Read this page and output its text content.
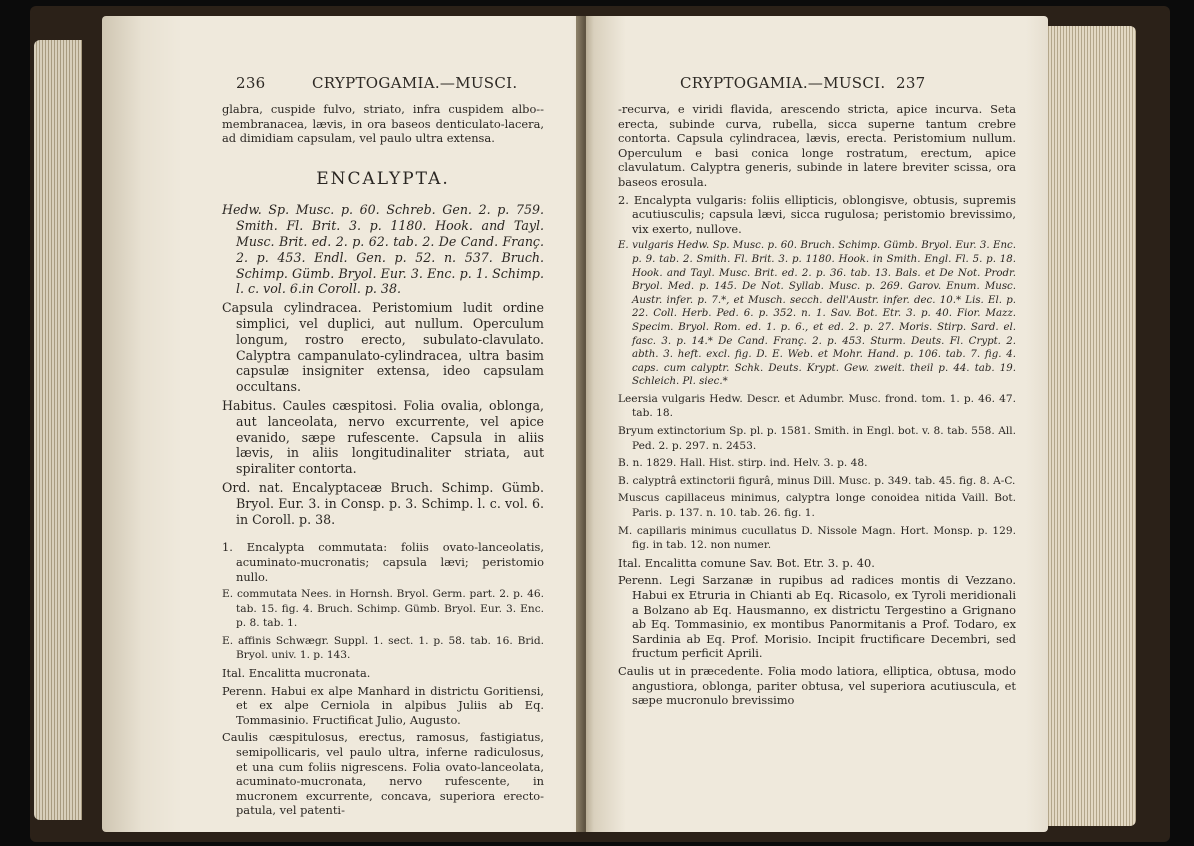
236	CRYPTOGAMIA.—MUSCI.	CRYPTOGAMIA.—MUSCI. 237

glabra, cuspide fulvo, striato, infra cuspidem albo--membranacea, lævis, in ora baseos denticulato-lacera, ad dimidiam capsulam, vel paulo ultra extensa.

ENCALYPTA.

Hedw. Sp. Musc. p. 60. Schreb. Gen. 2. p. 759. Smith. Fl. Brit. 3. p. 1180. Hook. and Tayl. Musc. Brit. ed. 2. p. 62. tab. 2. De Cand. Franç. 2. p. 453. Endl. Gen. p. 52. n. 537. Bruch. Schimp. Gümb. Bryol. Eur. 3. Enc. p. 1. Schimp. l. c. vol. 6.in Coroll. p. 38.

Capsula cylindracea. Peristomium ludit ordine simplici, vel duplici, aut nullum. Operculum longum, rostro erecto, subulato-clavulato. Calyptra campanulato-cylindracea, ultra basim capsulæ insigniter extensa, ideo capsulam occultans.

Habitus. Caules cæspitosi. Folia ovalia, oblonga, aut lanceolata, nervo excurrente, vel apice evanido, sæpe rufescente. Capsula in aliis lævis, in aliis longitudinaliter striata, aut spiraliter contorta.

Ord. nat. Encalyptaceæ Bruch. Schimp. Gümb. Bryol. Eur. 3. in Consp. p. 3. Schimp. l. c. vol. 6. in Coroll. p. 38.

1. Encalypta commutata: foliis ovato-lanceolatis, acuminato-mucronatis; capsula lævi; peristomio nullo.

E. commutata Nees. in Hornsh. Bryol. Germ. part. 2. p. 46. tab. 15. fig. 4. Bruch. Schimp. Gümb. Bryol. Eur. 3. Enc. p. 8. tab. 1.

E. affinis Schwægr. Suppl. 1. sect. 1. p. 58. tab. 16. Brid. Bryol. univ. 1. p. 143.

Ital. Encalitta mucronata.

Perenn. Habui ex alpe Manhard in districtu Goritiensi, et ex alpe Cerniola in alpibus Juliis ab Eq. Tommasinio. Fructificat Julio, Augusto.

Caulis cæspitulosus, erectus, ramosus, fastigiatus, semipollicaris, vel paulo ultra, inferne radiculosus, et una cum foliis nigrescens. Folia ovato-lanceolata, acuminato-mucronata, nervo rufescente, in mucronem excurrente, concava, superiora erecto-patula, vel patenti-

-recurva, e viridi flavida, arescendo stricta, apice incurva. Seta erecta, subinde curva, rubella, sicca superne tantum crebre contorta. Capsula cylindracea, lævis, erecta. Peristomium nullum. Operculum e basi conica longe rostratum, erectum, apice clavulatum. Calyptra generis, subinde in latere breviter scissa, ora baseos erosula.

2. Encalypta vulgaris: foliis ellipticis, oblongisve, obtusis, supremis acutiusculis; capsula lævi, sicca rugulosa; peristomio brevissimo, vix exerto, nullove.

E. vulgaris Hedw. Sp. Musc. p. 60. Bruch. Schimp. Gümb. Bryol. Eur. 3. Enc. p. 9. tab. 2. Smith. Fl. Brit. 3. p. 1180. Hook. in Smith. Engl. Fl. 5. p. 18. Hook. and Tayl. Musc. Brit. ed. 2. p. 36. tab. 13. Bals. et De Not. Prodr. Bryol. Med. p. 145. De Not. Syllab. Musc. p. 269. Garov. Enum. Musc. Austr. infer. p. 7.*, et Musch. secch. dell'Austr. infer. dec. 10.* Lis. El. p. 22. Coll. Herb. Ped. 6. p. 352. n. 1. Sav. Bot. Etr. 3. p. 40. Fior. Mazz. Specim. Bryol. Rom. ed. 1. p. 6., et ed. 2. p. 27. Moris. Stirp. Sard. el. fasc. 3. p. 14.* De Cand. Franç. 2. p. 453. Sturm. Deuts. Fl. Crypt. 2. abth. 3. heft. excl. fig. D. E. Web. et Mohr. Hand. p. 106. tab. 7. fig. 4. caps. cum calyptr. Schk. Deuts. Krypt. Gew. zweit. theil p. 44. tab. 19. Schleich. Pl. siec.*

Leersia vulgaris Hedw. Descr. et Adumbr. Musc. frond. tom. 1. p. 46. 47. tab. 18.

Bryum extinctorium Sp. pl. p. 1581. Smith. in Engl. bot. v. 8. tab. 558. All. Ped. 2. p. 297. n. 2453.

B. n. 1829. Hall. Hist. stirp. ind. Helv. 3. p. 48.

B. calyptrâ extinctorii figurâ, minus Dill. Musc. p. 349. tab. 45. fig. 8. A-C.

Muscus capillaceus minimus, calyptra longe conoidea nitida Vaill. Bot. Paris. p. 137. n. 10. tab. 26. fig. 1.

M. capillaris minimus cucullatus D. Nissole Magn. Hort. Monsp. p. 129. fig. in tab. 12. non numer.

Ital. Encalitta comune Sav. Bot. Etr. 3. p. 40.

Perenn. Legi Sarzanæ in rupibus ad radices montis di Vezzano. Habui ex Etruria in Chianti ab Eq. Ricasolo, ex Tyroli meridionali a Bolzano ab Eq. Hausmanno, ex districtu Tergestino a Grignano ab Eq. Tommasinio, ex montibus Panormitanis a Prof. Todaro, ex Sardinia ab Eq. Prof. Morisio. Incipit fructificare Decembri, sed fructum perficit Aprili.

Caulis ut in præcedente. Folia modo latiora, elliptica, obtusa, modo angustiora, oblonga, pariter obtusa, vel superiora acutiuscula, et sæpe mucronulo brevissimo
